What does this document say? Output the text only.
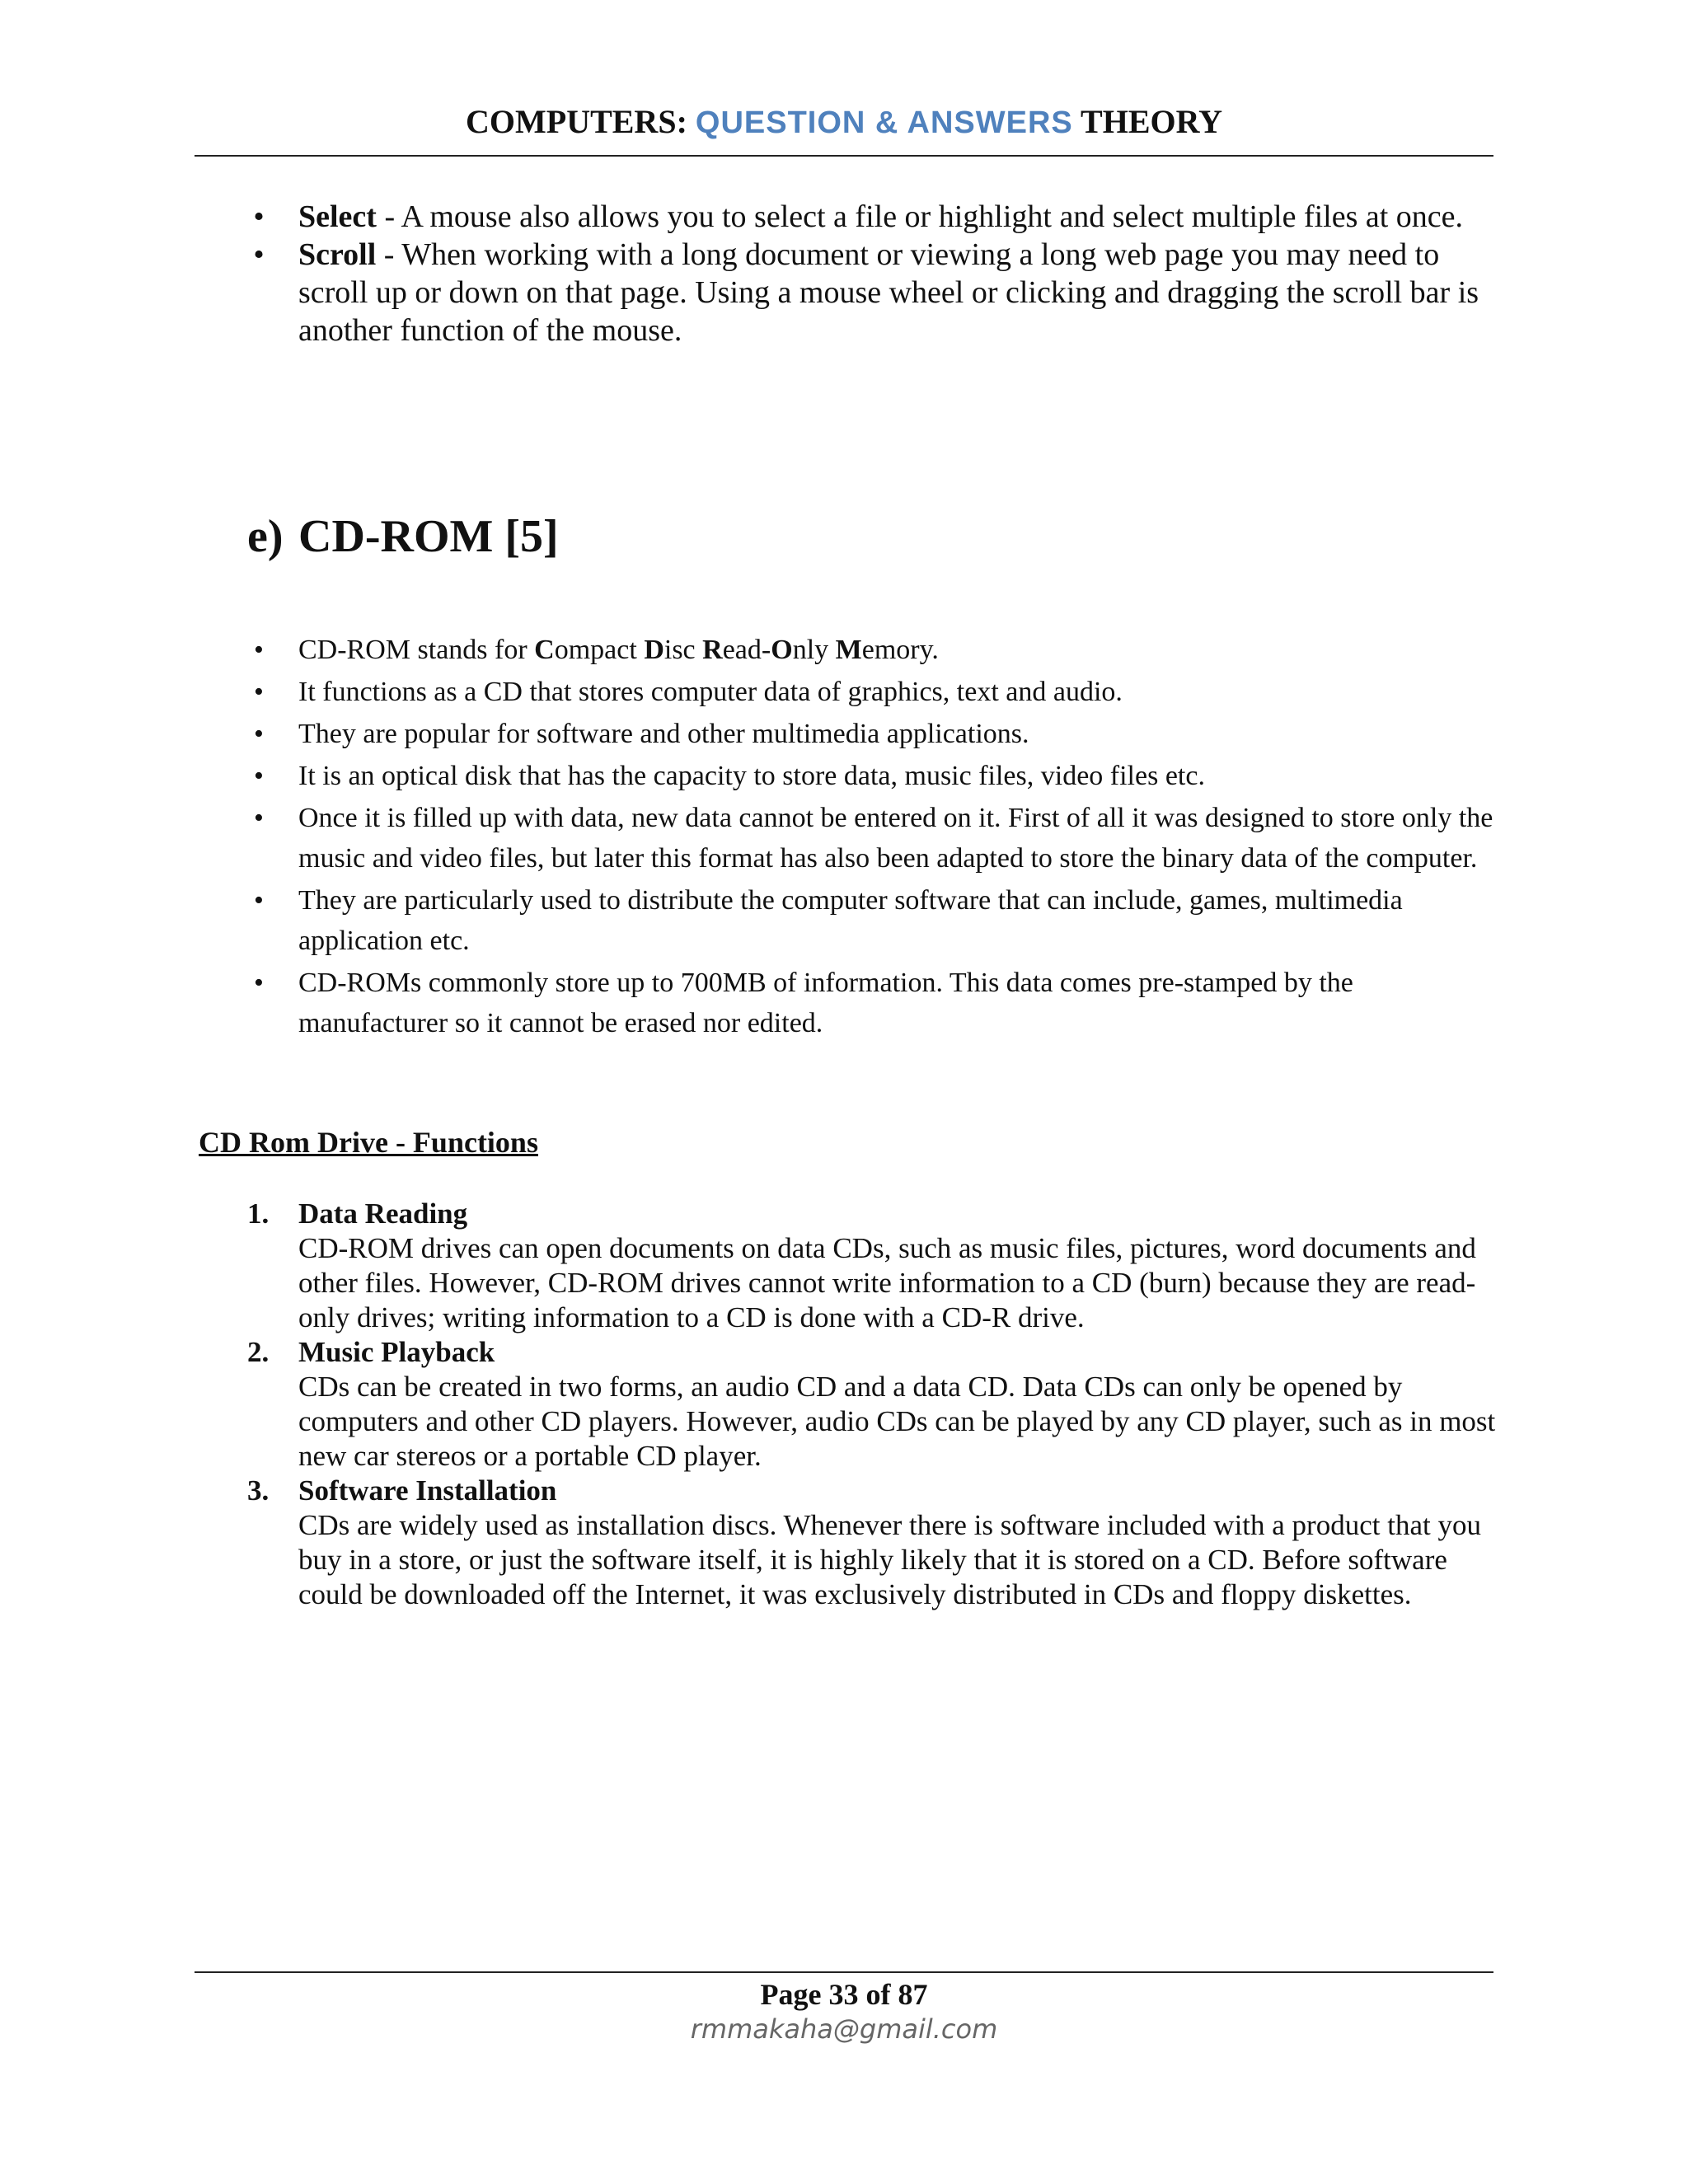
COMPUTERS: QUESTION & ANSWERS THEORY
• Select - A mouse also allows you to select a file or highlight and select multiple files at once.
• Scroll - When working with a long document or viewing a long web page you may need to scroll up or down on that page. Using a mouse wheel or clicking and dragging the scroll bar is another function of the mouse.
e) CD-ROM [5]
• CD-ROM stands for Compact Disc Read-Only Memory.
• It functions as a CD that stores computer data of graphics, text and audio.
• They are popular for software and other multimedia applications.
• It is an optical disk that has the capacity to store data, music files, video files etc.
• Once it is filled up with data, new data cannot be entered on it. First of all it was designed to store only the music and video files, but later this format has also been adapted to store the binary data of the computer.
• They are particularly used to distribute the computer software that can include, games, multimedia application etc.
• CD-ROMs commonly store up to 700MB of information. This data comes pre-stamped by the manufacturer so it cannot be erased nor edited.
CD Rom Drive - Functions
1. Data Reading
CD-ROM drives can open documents on data CDs, such as music files, pictures, word documents and other files. However, CD-ROM drives cannot write information to a CD (burn) because they are read-only drives; writing information to a CD is done with a CD-R drive.
2. Music Playback
CDs can be created in two forms, an audio CD and a data CD. Data CDs can only be opened by computers and other CD players. However, audio CDs can be played by any CD player, such as in most new car stereos or a portable CD player.
3. Software Installation
CDs are widely used as installation discs. Whenever there is software included with a product that you buy in a store, or just the software itself, it is highly likely that it is stored on a CD. Before software could be downloaded off the Internet, it was exclusively distributed in CDs and floppy diskettes.
Page 33 of 87
rmmakaha@gmail.com
